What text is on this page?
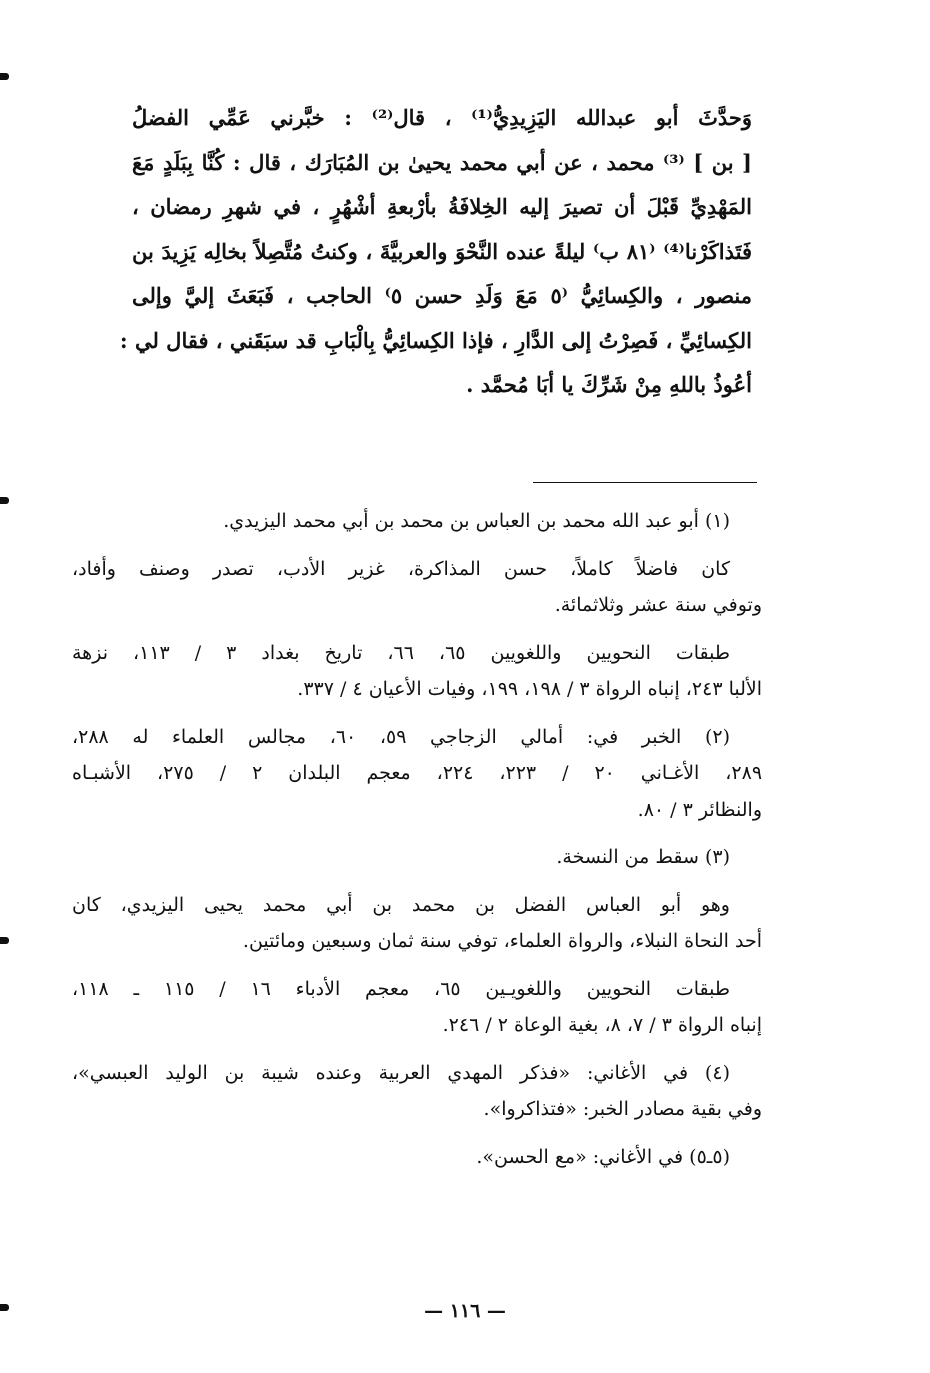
وَحدَّثَ أبو عبدالله اليَزِيدِيُّ⁽¹⁾ ، قال⁽²⁾ : خبَّرني عَمِّي الفضلُ
[ بن ] ⁽³⁾ محمد ، عن أبي محمد يحيىٰ بن المُبَارَك ، قال : كُنَّا بِبَلَدٍ مَعَ
المَهْدِيِّ قَبْلَ أن تصيرَ إليه الخِلافَةُ بأرْبعةِ أشْهُرٍ ، في شهرِ رمضان ،
فَتَذاكَرْنا⁽⁴⁾ ⁽٨١ ب⁾ ليلةً عنده النَّحْوَ والعربيَّةَ ، وكنتُ مُتَّصِلاً بخالِه يَزِيدَ بن
منصور ، والكِسائِيُّ ⁽٥ مَعَ وَلَدِ حسن ٥⁾ الحاجب ، فَبَعَثَ إليَّ وإلى
الكِسائِيِّ ، فَصِرْتُ إلى الدَّارِ ، فإذا الكِسائِيُّ بِالْبَابِ قد سبَقَني ، فقال لي :
أعُوذُ باللهِ مِنْ شَرِّكَ يا أبَا مُحمَّد .
(١) أبو عبد الله محمد بن العباس بن محمد بن أبي محمد اليزيدي.
كان فاضلاً كاملاً، حسن المذاكرة، غزير الأدب، تصدر وصنف وأفاد،
وتوفي سنة عشر وثلاثمائة.
طبقات النحويين واللغويين ٦٥، ٦٦، تاريخ بغداد ٣ / ١١٣، نزهة
الألبا ٢٤٣، إنباه الرواة ٣ / ١٩٨، ١٩٩، وفيات الأعيان ٤ / ٣٣٧.
(٢) الخبر في: أمالي الزجاجي ٥٩، ٦٠، مجالس العلماء له ٢٨٨،
٢٨٩، الأغـاني ٢٠ / ٢٢٣، ٢٢٤، معجم البلدان ٢ / ٢٧٥، الأشبـاه
والنظائر ٣ / ٨٠.
(٣) سقط من النسخة.
وهو أبو العباس الفضل بن محمد بن أبي محمد يحيى اليزيدي، كان
أحد النحاة النبلاء، والرواة العلماء، توفي سنة ثمان وسبعين ومائتين.
طبقات النحويين واللغويـين ٦٥، معجم الأدباء ١٦ / ١١٥ ـ ١١٨،
إنباه الرواة ٣ / ٧، ٨، بغية الوعاة ٢ / ٢٤٦.
(٤) في الأغاني: «فذكر المهدي العربية وعنده شيبة بن الوليد العبسي»،
وفي بقية مصادر الخبر: «فتذاكروا».
(٥ـ٥) في الأغاني: «مع الحسن».
— ١١٦ —
